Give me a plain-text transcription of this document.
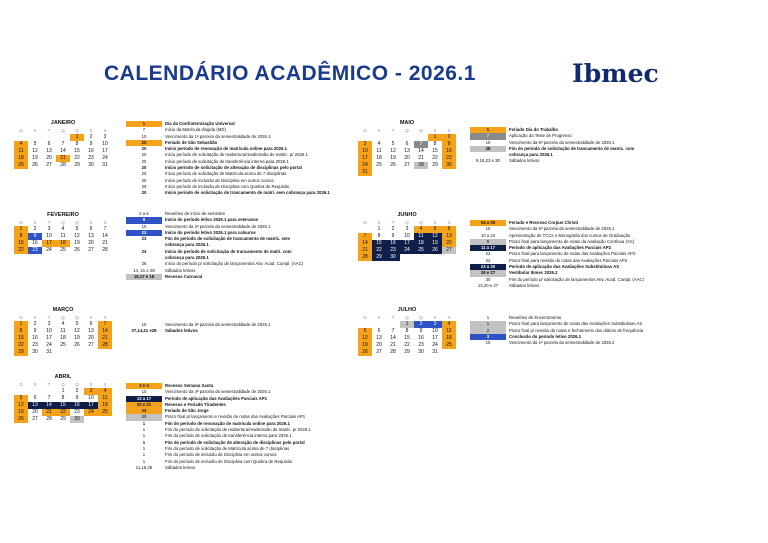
CALENDÁRIO ACADÊMICO - 2026.1	Ibmec
JANEIRO
D	S	T	Q	Q	S	S
				1	2	3
4	5	6	7	8	9	10
11	12	13	14	15	16	17
18	19	20	21	22	23	24
25	26	27	28	29	30	31
FEVEREIRO
D	S	T	Q	Q	S	S
1	2	3	4	5	6	7
8	9	10	11	12	13	14
15	16	17	18	19	20	21
22	23	24	25	26	27	28
MARÇO
D	S	T	Q	Q	S	S
1	2	3	4	5	6	7
8	9	10	11	12	13	14
15	16	17	18	19	20	21
22	23	24	25	26	27	28
29	30	31				
ABRIL
D	S	T	Q	Q	S	S
			1	2	3	4
5	6	7	8	9	10	11
12	13	14	15	16	17	18
19	20	21	22	23	24	25
26	27	28	29	30		
MAIO
D	S	T	Q	Q	S	S
					1	2
3	4	5	6	7	8	9
10	11	12	13	14	15	16
17	18	19	20	21	22	23
24	25	26	27	28	29	30
31						
JUNHO
D	S	T	Q	Q	S	S
	1	2	3	4	5	6
7	8	9	10	11	12	13
14	15	16	17	18	19	20
21	22	23	24	25	26	27
28	29	30				
JULHO
D	S	T	Q	Q	S	S
			1	2	3	4
5	6	7	8	9	10	11
12	13	14	15	16	17	18
19	20	21	22	23	24	25
26	27	28	29	30	31	
1	Dia da Confraternização Universal
7	Início da Matrícula dirigida (MD)
10	Vencimento da 1ª parcela da semestralidade de 2026.1
20	Feriado de São Sebastião
20	Início período de renovação de matrícula online para 2026.1
20	Início período de solicitação de reabertura/readmissão de matric. p/ 2026.1
20	Início período de solicitação de transferência interna para 2026.1
20	Início período de solicitação de alteração de disciplinas pelo portal
20	Início período de solicitação de Matrícula acima de 7 disciplinas
20	Início período de inclusão de Disciplina em outros cursos
20	Início período de inclusão de Disciplina com Quebra de Requisito
20	Início período de solicitação de trancamento de matri. sem cobrança para 2026.1
2 a 6	Reuniões de início de semestre
9	Início do período letivo 2026.1 para veteranos
10	Vencimento da 2ª parcela da semestralidade de 2026.1
23	Início do período letivo 2026.1 para calouros
23	Fim do período de solicitação de trancamento de matríc. sem
	cobrança para 2026.1
24	Início do período de solicitação de trancamento de matri. com
	cobrança para 2026.1
26	Início do período p/ solicitação de lançamentos Ativ. Acad. Compl. (AAC)
14, 21 e 28	Sábados letivos
16,17 e 18	Recesso Carnaval
10	Vencimento da 3ª parcela da semestralidade de 2026.1
07,14,21 e28	Sábados letivos
2 e 3	Recesso Semana Santa
10	Vencimento da 4ª parcela da semestralidade de 2026.1
13 a 17	Período de aplicação das Avaliações Parciais AP1
20 e 21	Recesso e Feriado Tiradentes
23	Feriado de São Jorge
30	Prazo final p/ lançamento e revisão de notas das Avaliações Parciais AP1
1	Fim do período de renovação de matrícula online para 2026.1
1	Fim do período de solicitação de reabertura/readmissão de matric. p/ 2026.1
1	Fim do período de solicitação de transferência interna para 2026.1
1	Fim do período de solicitação de alteração de disciplinas pelo portal
1	Fim do período de solicitação de Matrícula acima de 7 disciplinas
1	Fim do período de inclusão de Disciplina em outros cursos
1	Fim do período de inclusão de Disciplina com Quebra de Requisito
11,18,25	Sábados letivos
1	Feriado Dia do Trabalho
7	Aplicação da Teste de Progresso
10	Vencimento da 5ª parcela da semestralidade de 2026.1
28	Fim do período de solicitação de trancamento de matric. com
	cobrança para 2026.1
9,16,23 e 30	Sábados letivos
04 a 05	Feriado e Recesso Corpus Christi
10	Vencimento da 6ª parcela da semestralidade de 2026.1
10 a 24	Apresentação de TCCs e Monografia dos cursos de Graduação
9	Prazo final para lançamento de notas da Avaliação Contínua (AC)
11 a 17	Período de aplicação das Avaliações Parciais AP2
22	Prazo final para lançamento de notas das Avaliações Parciais AP2
22	Prazo final para revisão de notas das Avaliações Parciais AP2
23 a 30	Período de aplicação das Avaliações Substitutivas AS
26 e 27	Vestibular Ibmec 2026.2
30	Fim do período p/ solicitação de lançamentos Ativ. Acad. Compl. (AAC)
13,20 e 27	Sábados letivos
1	Reuniões de Encerramento
1	Prazo final para lançamento de notas das Avaliações Substitutivas AS
2	Prazo final p/ revisão de notas e fechamento dos diários de frequência
3	Conclusão do período letivo 2026.1
10	Vencimento da 1ª parcela da semestralidade de 2026.2
